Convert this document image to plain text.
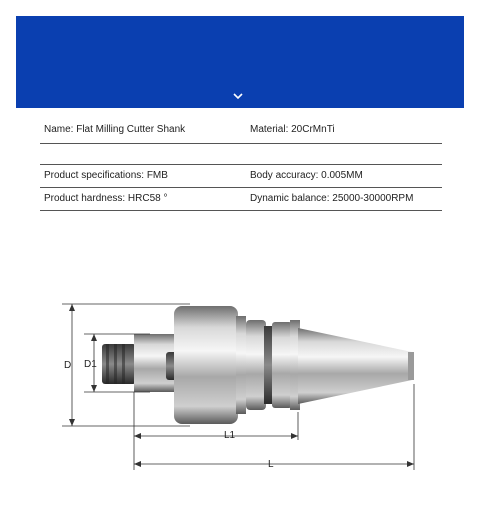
Name: Flat Milling Cutter Shank	Material: 20CrMnTi
Product specifications: FMB	Body accuracy: 0.005MM
Product hardness: HRC58 °	Dynamic balance: 25000-30000RPM
D D1
L1
L
